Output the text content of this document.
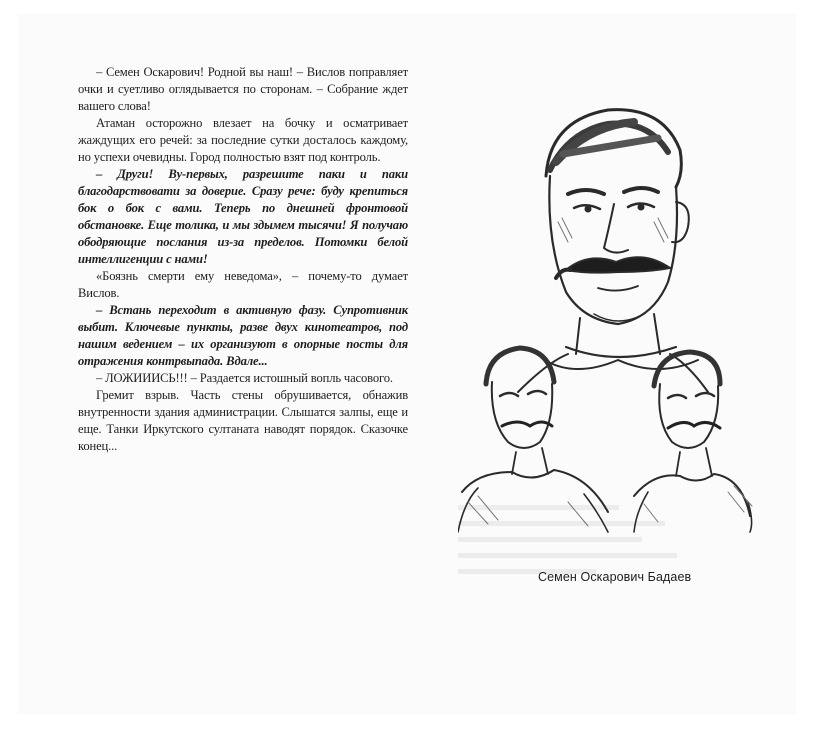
– Семен Оскарович! Родной вы наш! – Вислов поправляет очки и суетливо оглядывается по сторонам. – Собрание ждет вашего слова!

Атаман осторожно влезает на бочку и осматривает жаждущих его речей: за последние сутки досталось каждому, но успехи очевидны. Город полностью взят под контроль.

– Други! Ву-первых, разрешите паки и паки благодарствовати за доверие. Сразу рече: буду крепиться бок о бок с вами. Теперь по днешней фронтовой обстановке. Еще толика, и мы здымем тысячи! Я получаю ободряющие послания из-за пределов. Потомки белой интеллигенции с нами!

«Боязнь смерти ему неведома», – почему-то думает Вислов.

– Встань переходит в активную фазу. Супротивник выбит. Ключевые пункты, разве двух кинотеатров, под нашим ведением – их организуют в опорные посты для отражения контрвыпада. Вдале...

– ЛОЖИИИСЬ!!! – Раздается истошный вопль часового.

Гремит взрыв. Часть стены обрушивается, обнажив внутренности здания администрации. Слышатся залпы, еще и еще. Танки Иркутского султаната наводят порядок. Сказочке конец...

Семен Оскарович Бадаев
